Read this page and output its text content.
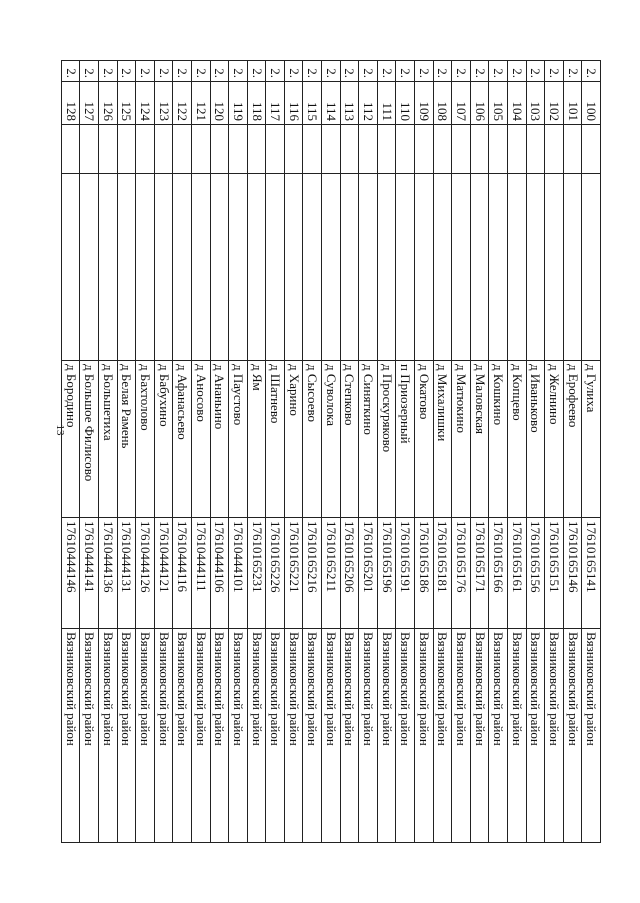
13
2.	100			д Гулиха	17610165141	Вязниковский район
2.	101			д Ерофеево	17610165146	Вязниковский район
2.	102			д Желнино	17610165151	Вязниковский район
2.	103			д Иваньково	17610165156	Вязниковский район
2.	104			д Копцево	17610165161	Вязниковский район
2.	105			д Кошкино	17610165166	Вязниковский район
2.	106			д Маловская	17610165171	Вязниковский район
2.	107			д Матюкино	17610165176	Вязниковский район
2.	108			д Михалишки	17610165181	Вязниковский район
2.	109			д Окатово	17610165186	Вязниковский район
2.	110			п Приозерный	17610165191	Вязниковский район
2.	111			д Проскуряково	17610165196	Вязниковский район
2.	112			д Синяткино	17610165201	Вязниковский район
2.	113			д Степково	17610165206	Вязниковский район
2.	114			д Суволока	17610165211	Вязниковский район
2.	115			д Сысоево	17610165216	Вязниковский район
2.	116			д Харино	17610165221	Вязниковский район
2.	117			д Шатнево	17610165226	Вязниковский район
2.	118			д Ям	17610165231	Вязниковский район
2.	119			д Паустово	17610444101	Вязниковский район
2.	120			д Ананьино	17610444106	Вязниковский район
2.	121			д Аносово	17610444111	Вязниковский район
2.	122			д Афанасьево	17610444116	Вязниковский район
2.	123			д Бабухино	17610444121	Вязниковский район
2.	124			д Бахтолово	17610444126	Вязниковский район
2.	125			д Белая Рамень	17610444131	Вязниковский район
2.	126			д Большетиха	17610444136	Вязниковский район
2.	127			д Большое Филисово	17610444141	Вязниковский район
2.	128			д Бородино	17610444146	Вязниковский район
